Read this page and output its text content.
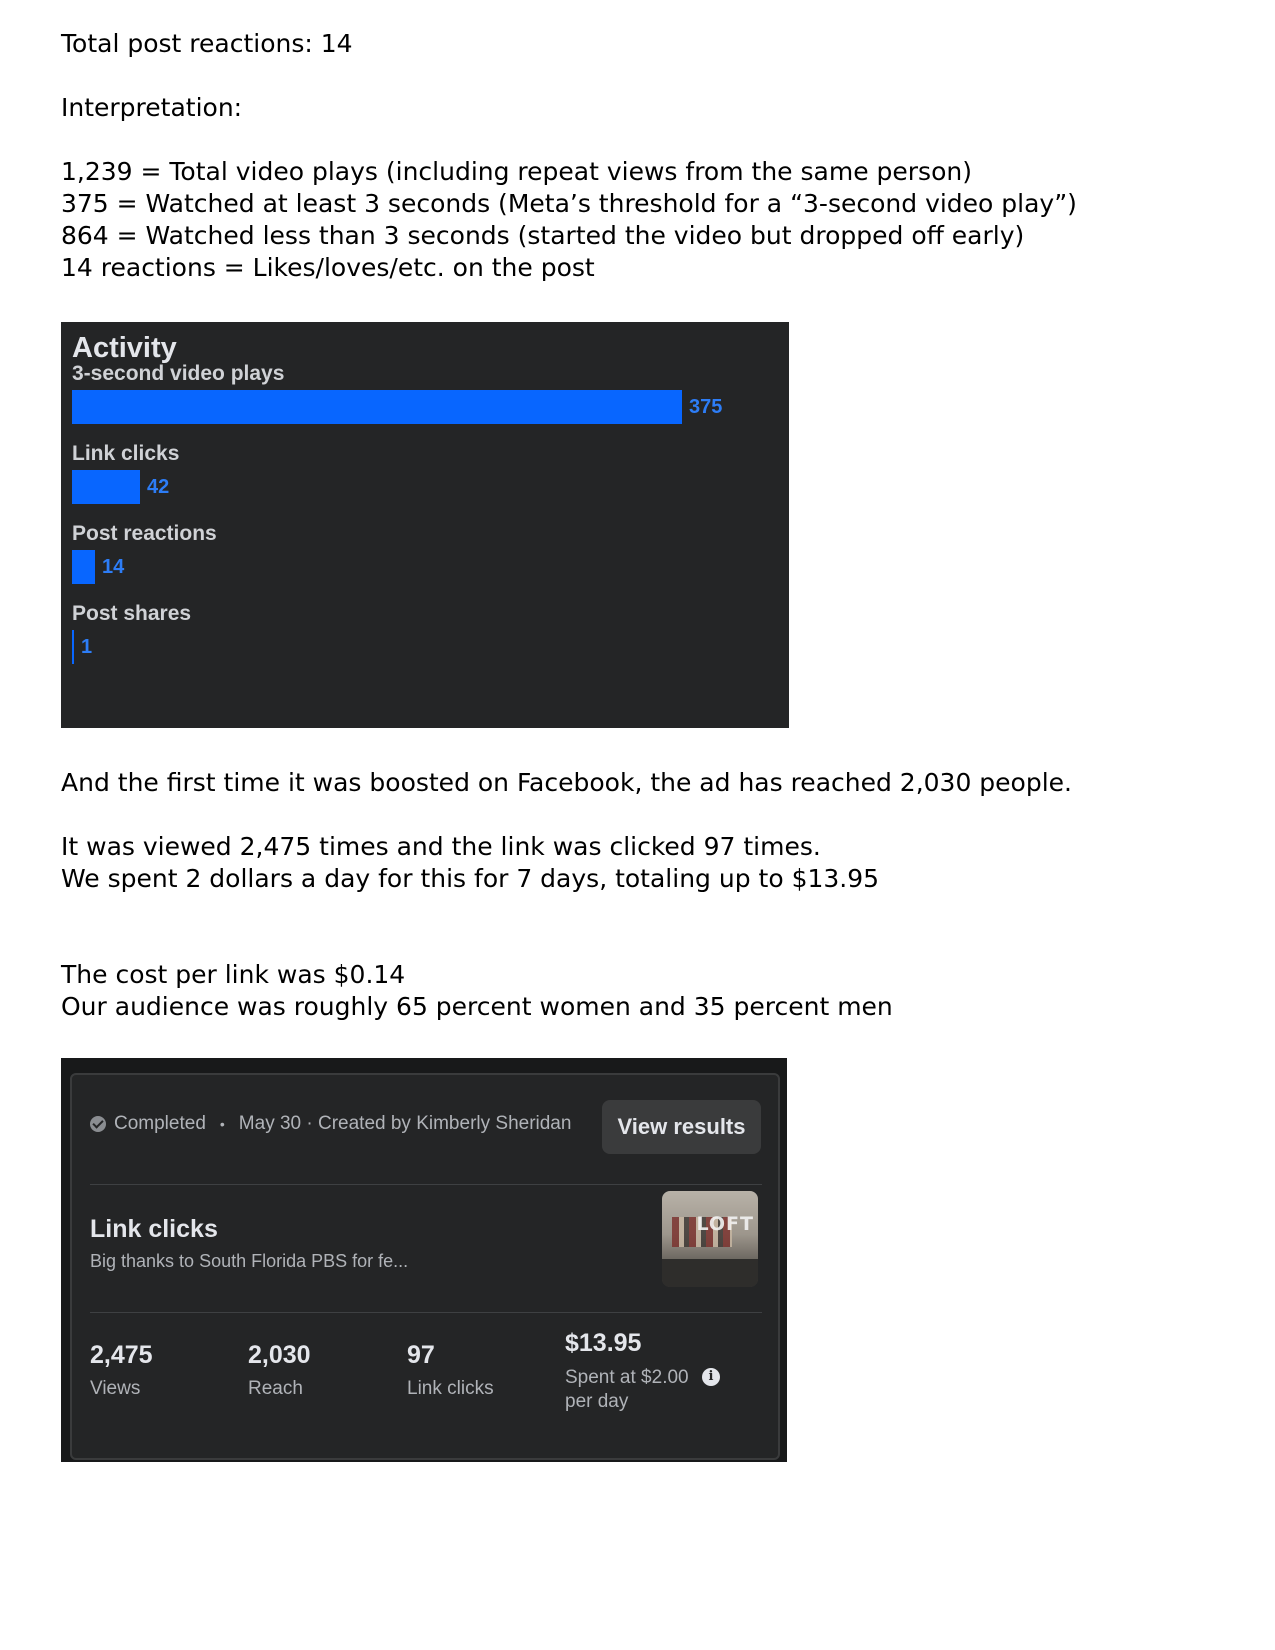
Total post reactions: 14

Interpretation:

1,239 = Total video plays (including repeat views from the same person)

375 = Watched at least 3 seconds (Meta’s threshold for a “3-second video play”)

864 = Watched less than 3 seconds (started the video but dropped off early)

14 reactions = Likes/loves/etc. on the post

Activity
3-second video plays
375
Link clicks
42
Post reactions
14
Post shares
1

And the first time it was boosted on Facebook, the ad has reached 2,030 people.

It was viewed 2,475 times and the link was clicked 97 times.

We spent 2 dollars a day for this for 7 days, totaling up to $13.95

The cost per link was $0.14

Our audience was roughly 65 percent women and 35 percent men

Completed • May 30 · Created by Kimberly Sheridan	View results
Link clicks
Big thanks to South Florida PBS for fe...
LOFT
2,475
Views
2,030
Reach
97
Link clicks
$13.95
Spent at $2.00 per day
i
